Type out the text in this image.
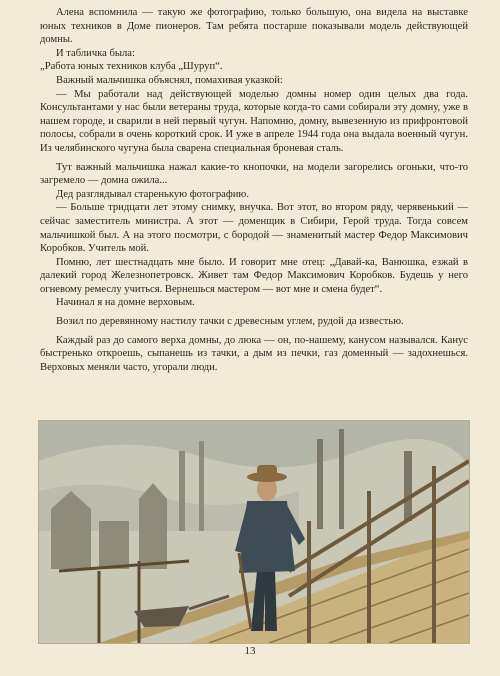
Алена вспомнила — такую же фотографию, только большую, она видела на выставке юных техников в Доме пионеров. Там ребята постарше показывали модель действующей домны.

И табличка была:

„Работа юных техников клуба „Шуруп“.

Важный мальчишка объяснял, помахивая указкой:

— Мы работали над действующей моделью домны номер один целых два года. Консультантами у нас были ветераны труда, которые когда-то сами собирали эту домну, уже в нашем городе, и сварили в ней первый чугун. Напомню, домну, вывезенную из прифронтовой полосы, собрали в очень короткий срок. И уже в апреле 1944 года она выдала военный чугун. Из челябинского чугуна была сварена специальная броневая сталь.

Тут важный мальчишка нажал какие-то кнопочки, на модели загорелись огоньки, что-то загремело — домна ожила...

Дед разглядывал старенькую фотографию.

— Больше тридцати лет этому снимку, внучка. Вот этот, во втором ряду, черявенький — сейчас заместитель министра. А этот — доменщик в Сибири, Герой труда. Тогда совсем мальчишкой был. А на этого посмотри, с бородой — знаменитый мастер Федор Максимович Коробков. Учитель мой.

Помню, лет шестнадцать мне было. И говорит мне отец: „Давай-ка, Ванюшка, езжай в далекий город Железнопетровск. Живет там Федор Максимович Коробков. Будешь у него огневому ремеслу учиться. Вернешься мастером — вот мне и смена будет“.

Начинал я на домне верховым.

Возил по деревянному настилу тачки с древесным углем, рудой да известью.

Каждый раз до самого верха домны, до люка — он, по-нашему, канусом назывался. Канус быстренько откроешь, сыпанешь из тачки, а дым из печки, газ доменный — задохнешься. Верховых меняли часто, угорали люди.

13
